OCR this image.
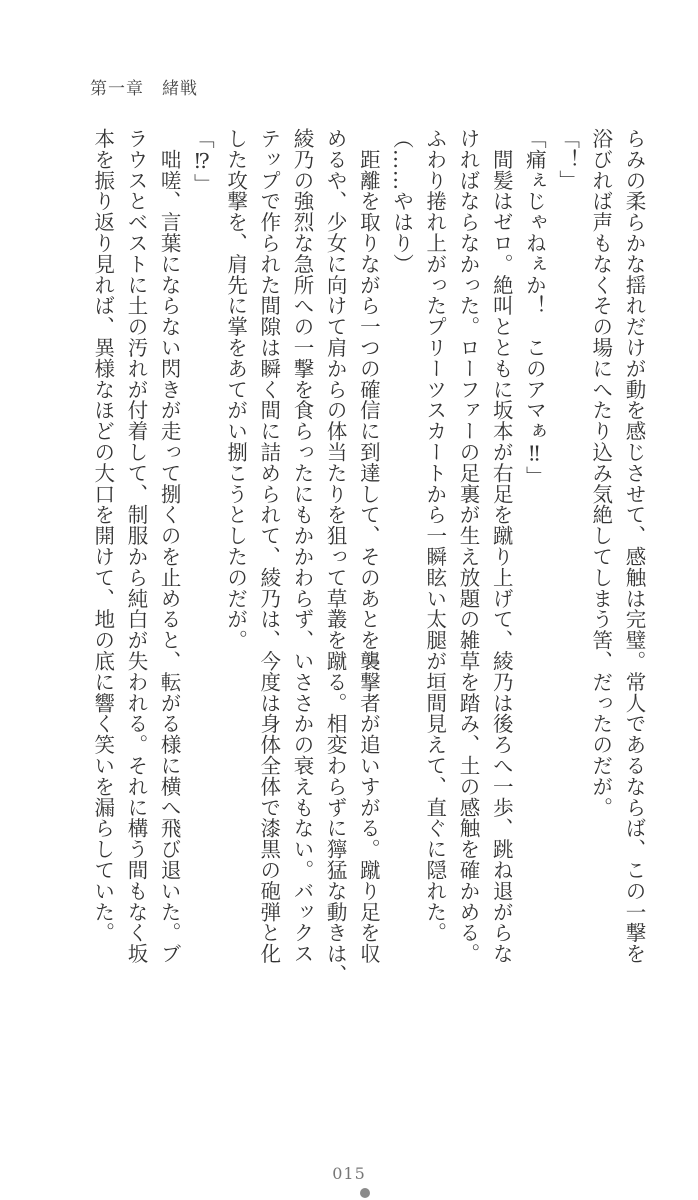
第一章　緒戦

らみの柔らかな揺れだけが動を感じさせて、感触は完璧。常人であるならば、この一撃を

浴びれば声もなくその場にへたり込み気絶してしまう筈、だったのだが。

「！」

「痛ぇじゃねぇか！　このアマぁ‼」

　間髪はゼロ。絶叫とともに坂本が右足を蹴り上げて、綾乃は後ろへ一歩、跳ね退がらな

ければならなかった。ローファーの足裏が生え放題の雑草を踏み、土の感触を確かめる。

ふわり捲れ上がったプリーツスカートから一瞬眩い太腿が垣間見えて、直ぐに隠れた。

（……やはり）

　距離を取りながら一つの確信に到達して、そのあとを襲撃者が追いすがる。蹴り足を収

めるや、少女に向けて肩からの体当たりを狙って草叢を蹴る。相変わらずに獰猛な動きは、

綾乃の強烈な急所への一撃を食らったにもかかわらず、いささかの衰えもない。バックス

テップで作られた間隙は瞬く間に詰められて、綾乃は、今度は身体全体で漆黒の砲弾と化

した攻撃を、肩先に掌をあてがい捌こうとしたのだが。

「⁉」

　咄嗟、言葉にならない閃きが走って捌くのを止めると、転がる様に横へ飛び退いた。ブ

ラウスとベストに土の汚れが付着して、制服から純白が失われる。それに構う間もなく坂

本を振り返り見れば、異様なほどの大口を開けて、地の底に響く笑いを漏らしていた。

015
